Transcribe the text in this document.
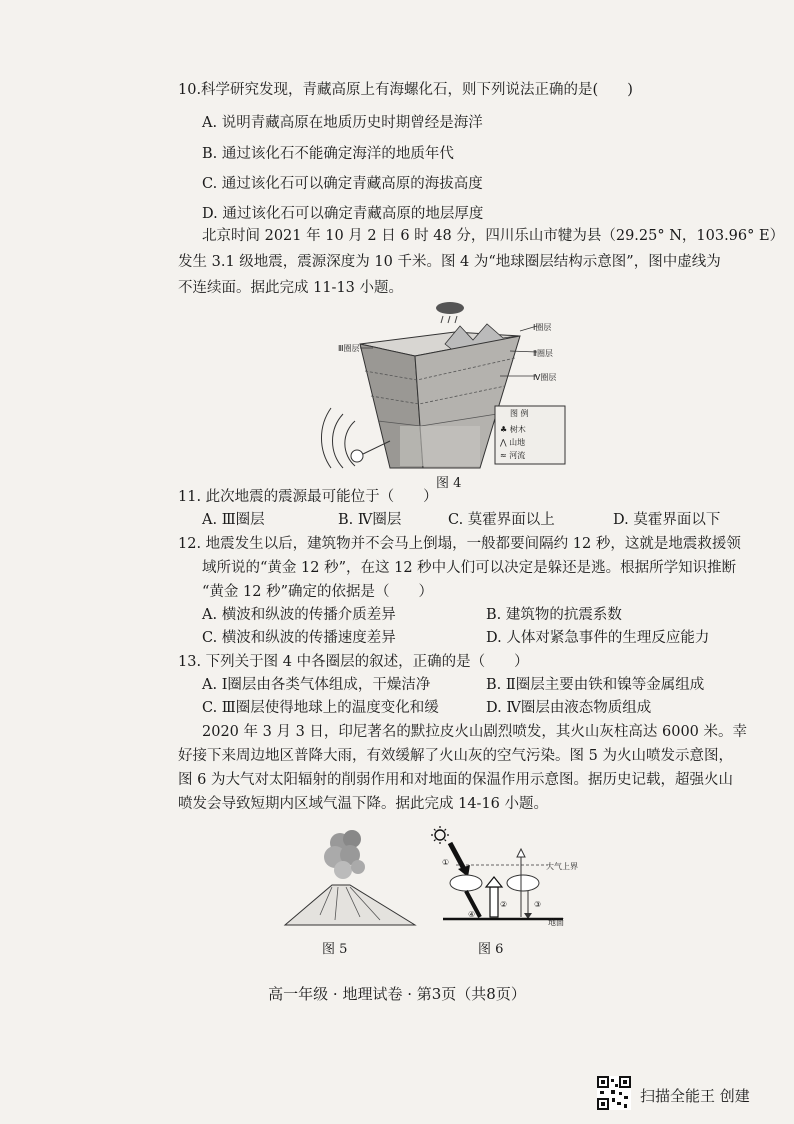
10.科学研究发现，青藏高原上有海螺化石，则下列说法正确的是(　　)
A. 说明青藏高原在地质历史时期曾经是海洋
B. 通过该化石不能确定海洋的地质年代
C. 通过该化石可以确定青藏高原的海拔高度
D. 通过该化石可以确定青藏高原的地层厚度
北京时间 2021 年 10 月 2 日 6 时 48 分，四川乐山市犍为县（29.25° N，103.96° E）
发生 3.1 级地震，震源深度为 10 千米。图 4 为“地球圈层结构示意图”，图中虚线为
不连续面。据此完成 11-13 小题。
Ⅰ圈层
Ⅱ圈层
Ⅳ圈层
Ⅲ圈层
图 例
♣ 树木
⋀ 山地
≈ 河流
图 4
11. 此次地震的震源最可能位于（　　）
A. Ⅲ圈层	B. Ⅳ圈层	C. 莫霍界面以上	D. 莫霍界面以下
12. 地震发生以后，建筑物并不会马上倒塌，一般都要间隔约 12 秒，这就是地震救援领
域所说的“黄金 12 秒”，在这 12 秒中人们可以决定是躲还是逃。根据所学知识推断
“黄金 12 秒”确定的依据是（　　）
A. 横波和纵波的传播介质差异	B. 建筑物的抗震系数
C. 横波和纵波的传播速度差异	D. 人体对紧急事件的生理反应能力
13. 下列关于图 4 中各圈层的叙述，正确的是（　　）
A. Ⅰ圈层由各类气体组成，干燥洁净	B. Ⅱ圈层主要由铁和镍等金属组成
C. Ⅲ圈层使得地球上的温度变化和缓	D. Ⅳ圈层由液态物质组成
2020 年 3 月 3 日，印尼著名的默拉皮火山剧烈喷发，其火山灰柱高达 6000 米。幸
好接下来周边地区普降大雨，有效缓解了火山灰的空气污染。图 5 为火山喷发示意图，
图 6 为大气对太阳辐射的削弱作用和对地面的保温作用示意图。据历史记载，超强火山
喷发会导致短期内区域气温下降。据此完成 14-16 小题。
图 5
大气上界
地面
①
②	③
④
图 6
高一年级 · 地理试卷 · 第3页（共8页）
扫描全能王 创建
